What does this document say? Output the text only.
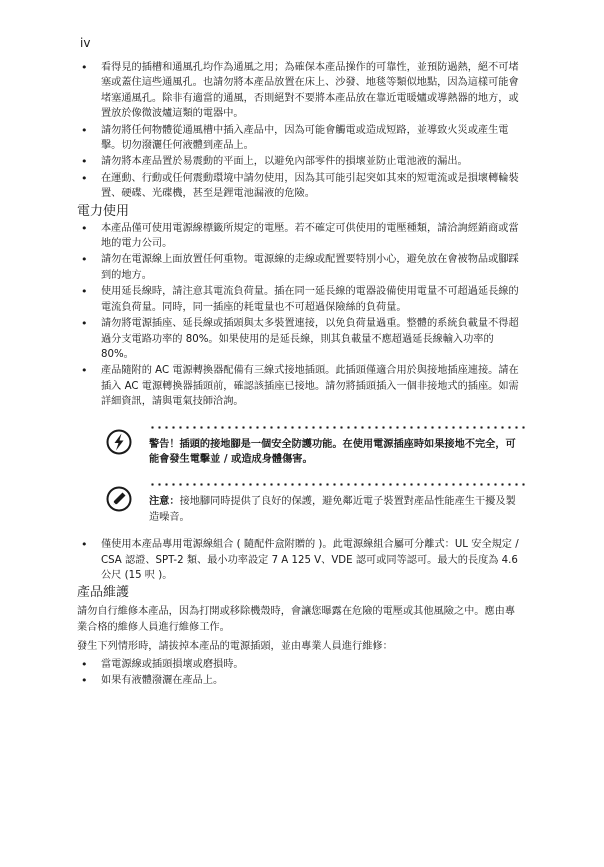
iv
• 看得見的插槽和通風孔均作為通風之用；為確保本產品操作的可靠性，並預防過熱，絕不可堵塞或蓋住這些通風孔。也請勿將本產品放置在床上、沙發、地毯等類似地點，因為這樣可能會堵塞通風孔。除非有適當的通風，否則絕對不要將本產品放在靠近電暖爐或導熱器的地方，或置放於像微波爐這類的電器中。
• 請勿將任何物體從通風槽中插入產品中，因為可能會觸電或造成短路，並導致火災或產生電擊。切勿潑灑任何液體到產品上。
• 請勿將本產品置於易震動的平面上，以避免內部零件的損壞並防止電池液的漏出。
• 在運動、行動或任何震動環境中請勿使用，因為其可能引起突如其來的短電流或是損壞轉輪裝置、硬碟、光碟機，甚至是鋰電池漏液的危險。
電力使用
• 本產品僅可使用電源線標籤所規定的電壓。若不確定可供使用的電壓種類，請洽詢經銷商或當地的電力公司。
• 請勿在電源線上面放置任何重物。電源線的走線或配置要特別小心，避免放在會被物品或腳踩到的地方。
• 使用延長線時，請注意其電流負荷量。插在同一延長線的電器設備使用電量不可超過延長線的電流負荷量。同時，同一插座的耗電量也不可超過保險絲的負荷量。
• 請勿將電源插座、延長線或插頭與太多裝置連接，以免負荷量過重。整體的系統負載量不得超過分支電路功率的 80%。如果使用的是延長線，則其負載量不應超過延長線輸入功率的 80%。
• 產品隨附的 AC 電源轉換器配備有三線式接地插頭。此插頭僅適合用於與接地插座連接。請在插入 AC 電源轉換器插頭前，確認該插座已接地。請勿將插頭插入一個非接地式的插座。如需詳細資訊，請與電氣技師洽詢。

警告！插頭的接地腳是一個安全防護功能。在使用電源插座時如果接地不完全，可能會發生電擊並 / 或造成身體傷害。

注意：接地腳同時提供了良好的保護，避免鄰近電子裝置對產品性能產生干擾及製造噪音。

• 僅使用本產品專用電源線組合 ( 隨配件盒附贈的 )。此電源線組合屬可分離式：UL 安全規定 / CSA 認證、SPT-2 類、最小功率設定 7 A 125 V、VDE 認可或同等認可。最大的長度為 4.6 公尺 (15 呎 )。
產品維護

請勿自行維修本產品，因為打開或移除機殼時，會讓您曝露在危險的電壓或其他風險之中。應由專業合格的維修人員進行維修工作。

發生下列情形時，請拔掉本產品的電源插頭，並由專業人員進行維修：

• 當電源線或插頭損壞或磨損時。
• 如果有液體潑灑在產品上。
